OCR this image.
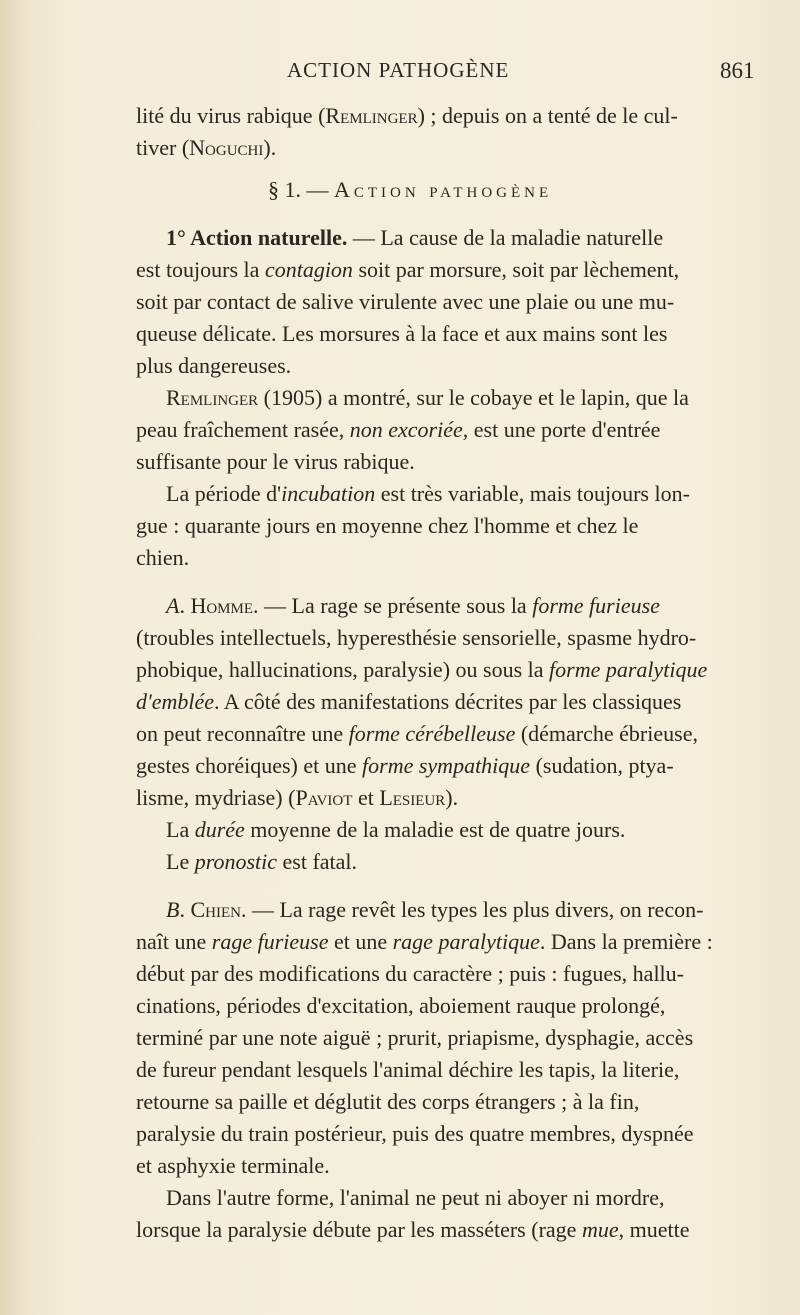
ACTION PATHOGÈNE	861
lité du virus rabique (Remlinger) ; depuis on a tenté de le cul-
tiver (Noguchi).
§ 1. — Action pathogène
1° Action naturelle. — La cause de la maladie naturelle
est toujours la contagion soit par morsure, soit par lèchement,
soit par contact de salive virulente avec une plaie ou une mu-
queuse délicate. Les morsures à la face et aux mains sont les
plus dangereuses.
Remlinger (1905) a montré, sur le cobaye et le lapin, que la
peau fraîchement rasée, non excoriée, est une porte d'entrée
suffisante pour le virus rabique.
La période d'incubation est très variable, mais toujours lon-
gue : quarante jours en moyenne chez l'homme et chez le
chien.
A. Homme. — La rage se présente sous la forme furieuse
(troubles intellectuels, hyperesthésie sensorielle, spasme hydro-
phobique, hallucinations, paralysie) ou sous la forme paralytique
d'emblée. A côté des manifestations décrites par les classiques
on peut reconnaître une forme cérébelleuse (démarche ébrieuse,
gestes choréiques) et une forme sympathique (sudation, ptya-
lisme, mydriase) (Paviot et Lesieur).
La durée moyenne de la maladie est de quatre jours.
Le pronostic est fatal.
B. Chien. — La rage revêt les types les plus divers, on recon-
naît une rage furieuse et une rage paralytique. Dans la première :
début par des modifications du caractère ; puis : fugues, hallu-
cinations, périodes d'excitation, aboiement rauque prolongé,
terminé par une note aiguë ; prurit, priapisme, dysphagie, accès
de fureur pendant lesquels l'animal déchire les tapis, la literie,
retourne sa paille et déglutit des corps étrangers ; à la fin,
paralysie du train postérieur, puis des quatre membres, dyspnée
et asphyxie terminale.
Dans l'autre forme, l'animal ne peut ni aboyer ni mordre,
lorsque la paralysie débute par les masséters (rage mue, muette
